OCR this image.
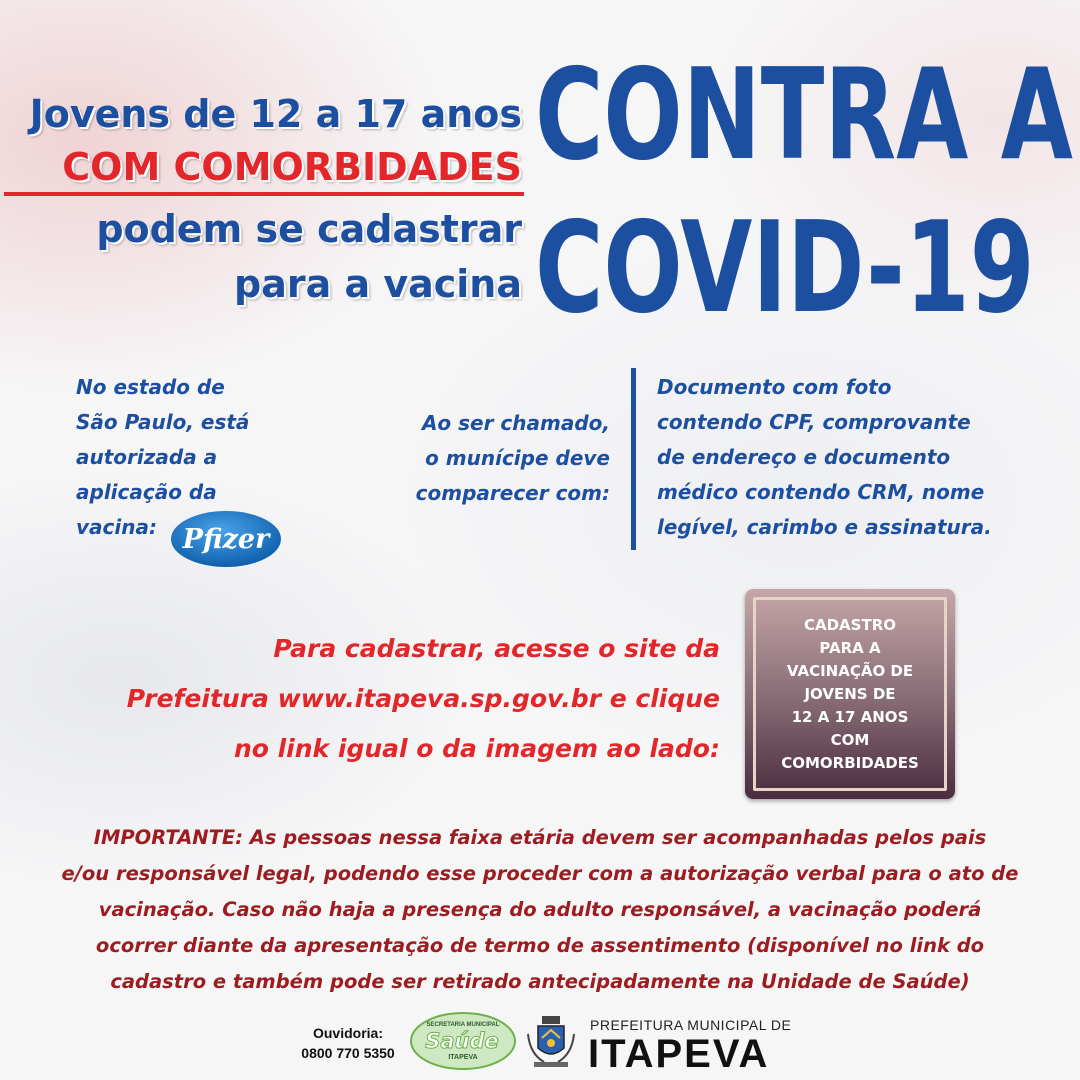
Jovens de 12 a 17 anos
COM COMORBIDADES
podem se cadastrar
para a vacina
CONTRA A
COVID-19
No estado de
São Paulo, está
autorizada a
aplicação da
vacina: Pfizer
Ao ser chamado,
o munícipe deve
comparecer com:
Documento com foto
contendo CPF, comprovante
de endereço e documento
médico contendo CRM, nome
legível, carimbo e assinatura.
Para cadastrar, acesse o site da
Prefeitura www.itapeva.sp.gov.br e clique
no link igual o da imagem ao lado:
CADASTRO
PARA A
VACINAÇÃO DE
JOVENS DE
12 A 17 ANOS
COM
COMORBIDADES
IMPORTANTE: As pessoas nessa faixa etária devem ser acompanhadas pelos pais
e/ou responsável legal, podendo esse proceder com a autorização verbal para o ato de
vacinação. Caso não haja a presença do adulto responsável, a vacinação poderá
ocorrer diante da apresentação de termo de assentimento (disponível no link do
cadastro e também pode ser retirado antecipadamente na Unidade de Saúde)
Ouvidoria:
0800 770 5350
SECRETARIA MUNICIPAL
Saúde
ITAPEVA
PREFEITURA MUNICIPAL DE
ITAPEVA
